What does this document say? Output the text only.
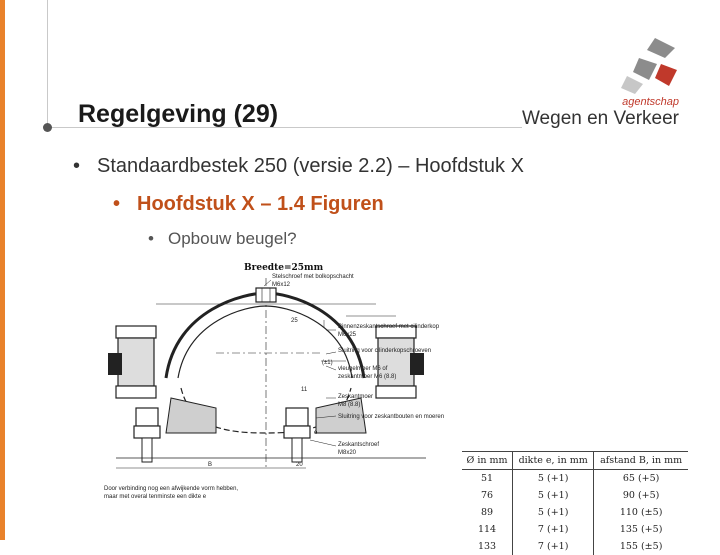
Regelgeving (29)	agentschap
Wegen en Verkeer
• Standaardbestek 250 (versie 2.2) – Hoofdstuk X
• Hoofdstuk X – 1.4 Figuren
• Opbouw beugel?
Breedte=25mm
25
(±1)
e
B	20
11
Stelschroef met bolkopschacht
M6x12
Binnenzeskantschroef met cilinderkop
M6x25
Sluitring voor cilinderkopschroeven
vleugelmoer M6 of
zeskantmoer M6 (8.8)
Zeskantmoer
M8 (8.8)
Sluitring voor zeskantbouten en moeren
Zeskantschroef
M8x20
Door verbinding nog een afwijkende vorm hebben,
maar met overal tenminste een dikte e
Ø in mm	dikte e, in mm	afstand B, in mm
51	5 (+1)	65 (+5)
76	5 (+1)	90 (+5)
89	5 (+1)	110 (±5)
114	7 (+1)	135 (+5)
133	7 (+1)	155 (±5)
